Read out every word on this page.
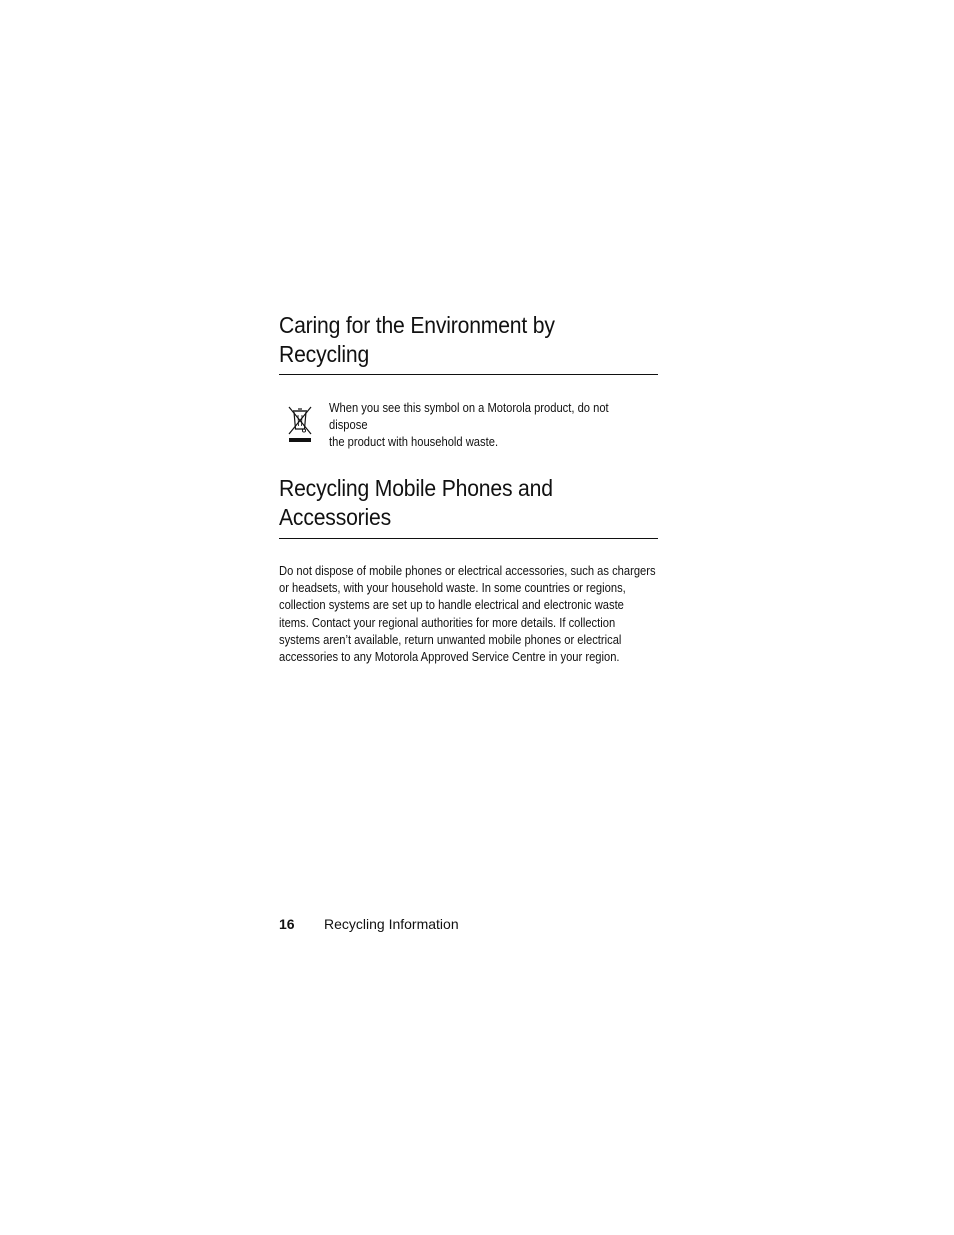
Caring for the Environment by
Recycling
When you see this symbol on a Motorola product, do not dispose
the product with household waste.
Recycling Mobile Phones and
Accessories
Do not dispose of mobile phones or electrical accessories, such as chargers
or headsets, with your household waste. In some countries or regions,
collection systems are set up to handle electrical and electronic waste
items. Contact your regional authorities for more details. If collection
systems aren’t available, return unwanted mobile phones or electrical
accessories to any Motorola Approved Service Centre in your region.
16 Recycling Information
